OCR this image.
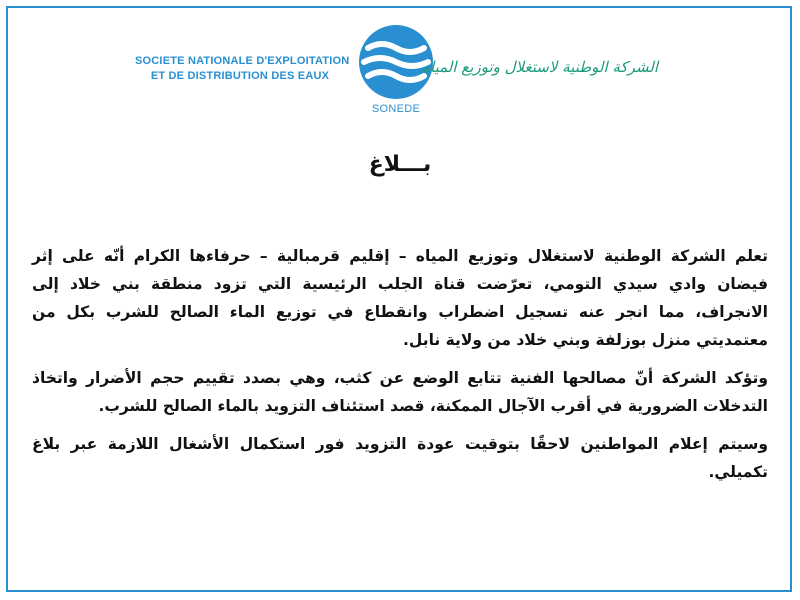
SOCIETE NATIONALE D'EXPLOITATION
ET DE DISTRIBUTION DES EAUX
SONEDE
الشركة الوطنية لاستغلال وتوزيع المياه
بـــلاغ

تعلم الشركة الوطنية لاستغلال وتوزيع المياه – إقليم قرمبالية – حرفاءها الكرام أنّه على إثر فيضان وادي سيدي التومي، تعرّضت قناة الجلب الرئيسية التي تزود منطقة بني خلاد إلى الانجراف، مما انجر عنه تسجيل اضطراب وانقطاع في توزيع الماء الصالح للشرب بكل من معتمديتي منزل بوزلفة وبني خلاد من ولاية نابل.

وتؤكد الشركة أنّ مصالحها الفنية تتابع الوضع عن كثب، وهي بصدد تقييم حجم الأضرار واتخاذ التدخلات الضرورية في أقرب الآجال الممكنة، قصد استئناف التزويد بالماء الصالح للشرب.

وسيتم إعلام المواطنين لاحقًا بتوقيت عودة التزويد فور استكمال الأشغال اللازمة عبر بلاغ تكميلي.
